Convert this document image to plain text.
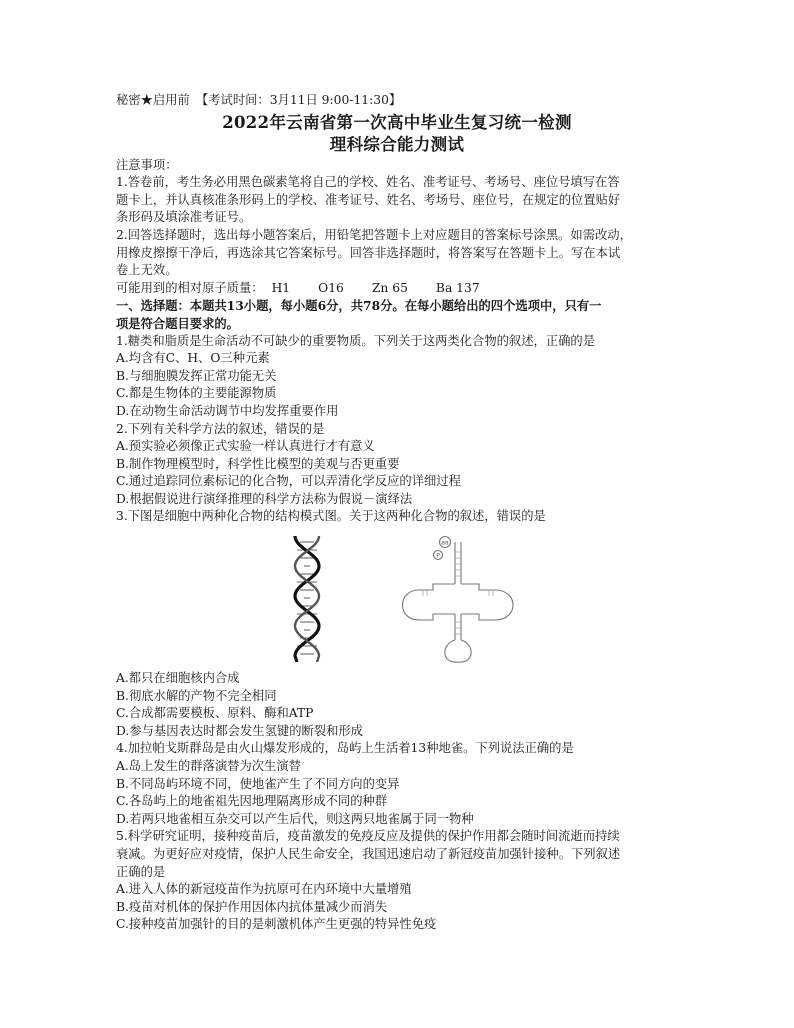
秘密★启用前　【考试时间：3月11日 9:00-11:30】
2022年云南省第一次高中毕业生复习统一检测
理科综合能力测试
注意事项：
1.答卷前，考生务必用黑色碳素笔将自己的学校、姓名、准考证号、考场号、座位号填写在答
题卡上，并认真核准条形码上的学校、准考证号、姓名、考场号、座位号，在规定的位置贴好
条形码及填涂准考证号。
2.回答选择题时，选出每小题答案后，用铅笔把答题卡上对应题目的答案标号涂黑。如需改动，
用橡皮擦擦干净后，再选涂其它答案标号。回答非选择题时，将答案写在答题卡上。写在本试
卷上无效。
可能用到的相对原子质量： H1 O16 Zn 65 Ba 137
一、选择题：本题共13小题，每小题6分，共78分。在每小题给出的四个选项中，只有一
项是符合题目要求的。
1.糖类和脂质是生命活动不可缺少的重要物质。下列关于这两类化合物的叙述，正确的是
A.均含有C、H、O三种元素
B.与细胞膜发挥正常功能无关
C.都是生物体的主要能源物质
D.在动物生命活动调节中均发挥重要作用
2.下列有关科学方法的叙述，错误的是
A.预实验必须像正式实验一样认真进行才有意义
B.制作物理模型时，科学性比模型的美观与否更重要
C.通过追踪同位素标记的化合物，可以弄清化学反应的详细过程
D.根据假说进行演绎推理的科学方法称为假说－演绎法
3.下图是细胞中两种化合物的结构模式图。关于这两种化合物的叙述，错误的是
aa
P
A.都只在细胞核内合成
B.彻底水解的产物不完全相同
C.合成都需要模板、原料、酶和ATP
D.参与基因表达时都会发生氢键的断裂和形成
4.加拉帕戈斯群岛是由火山爆发形成的，岛屿上生活着13种地雀。下列说法正确的是
A.岛上发生的群落演替为次生演替
B.不同岛屿环境不同，使地雀产生了不同方向的变异
C.各岛屿上的地雀祖先因地理隔离形成不同的种群
D.若两只地雀相互杂交可以产生后代，则这两只地雀属于同一物种
5.科学研究证明，接种疫苗后，疫苗激发的免疫反应及提供的保护作用都会随时间流逝而持续
衰减。为更好应对疫情，保护人民生命安全，我国迅速启动了新冠疫苗加强针接种。下列叙述
正确的是
A.进入人体的新冠疫苗作为抗原可在内环境中大量增殖
B.疫苗对机体的保护作用因体内抗体量减少而消失
C.接种疫苗加强针的目的是刺激机体产生更强的特异性免疫
